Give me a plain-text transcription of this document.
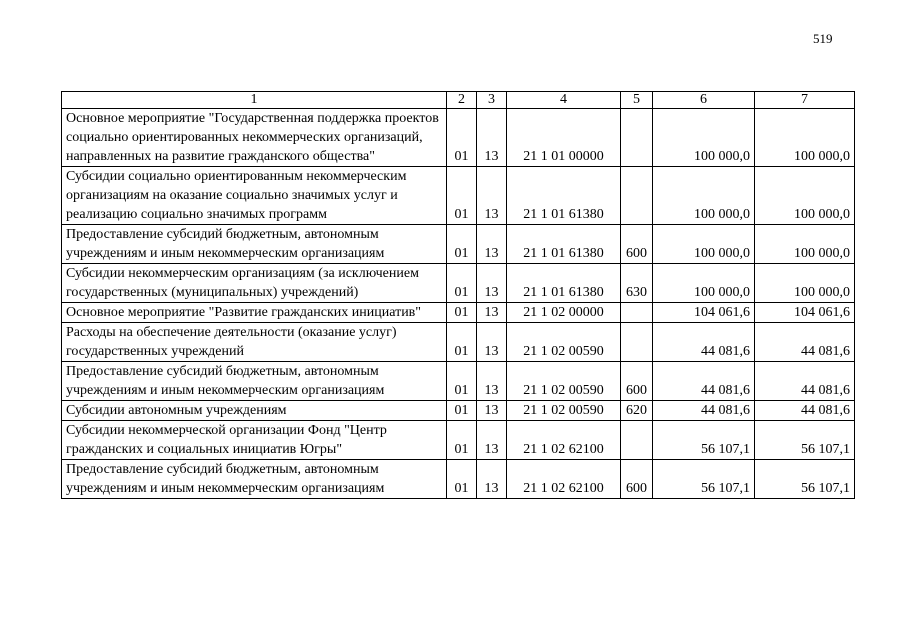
519
1	2	3	4	5	6	7
Основное мероприятие "Государственная поддержка проектов социально ориентированных некоммерческих организаций, направленных на развитие гражданского общества"	01	13	21 1 01 00000		100 000,0	100 000,0
Субсидии социально ориентированным некоммерческим организациям на оказание социально значимых услуг и реализацию социально значимых программ	01	13	21 1 01 61380		100 000,0	100 000,0
Предоставление субсидий бюджетным, автономным учреждениям и иным некоммерческим организациям	01	13	21 1 01 61380	600	100 000,0	100 000,0
Субсидии некоммерческим организациям (за исключением государственных (муниципальных) учреждений)	01	13	21 1 01 61380	630	100 000,0	100 000,0
Основное мероприятие "Развитие гражданских инициатив"	01	13	21 1 02 00000		104 061,6	104 061,6
Расходы на обеспечение деятельности (оказание услуг) государственных учреждений	01	13	21 1 02 00590		44 081,6	44 081,6
Предоставление субсидий бюджетным, автономным учреждениям и иным некоммерческим организациям	01	13	21 1 02 00590	600	44 081,6	44 081,6
Субсидии автономным учреждениям	01	13	21 1 02 00590	620	44 081,6	44 081,6
Субсидии некоммерческой организации Фонд "Центр гражданских и социальных инициатив Югры"	01	13	21 1 02 62100		56 107,1	56 107,1
Предоставление субсидий бюджетным, автономным учреждениям и иным некоммерческим организациям	01	13	21 1 02 62100	600	56 107,1	56 107,1
